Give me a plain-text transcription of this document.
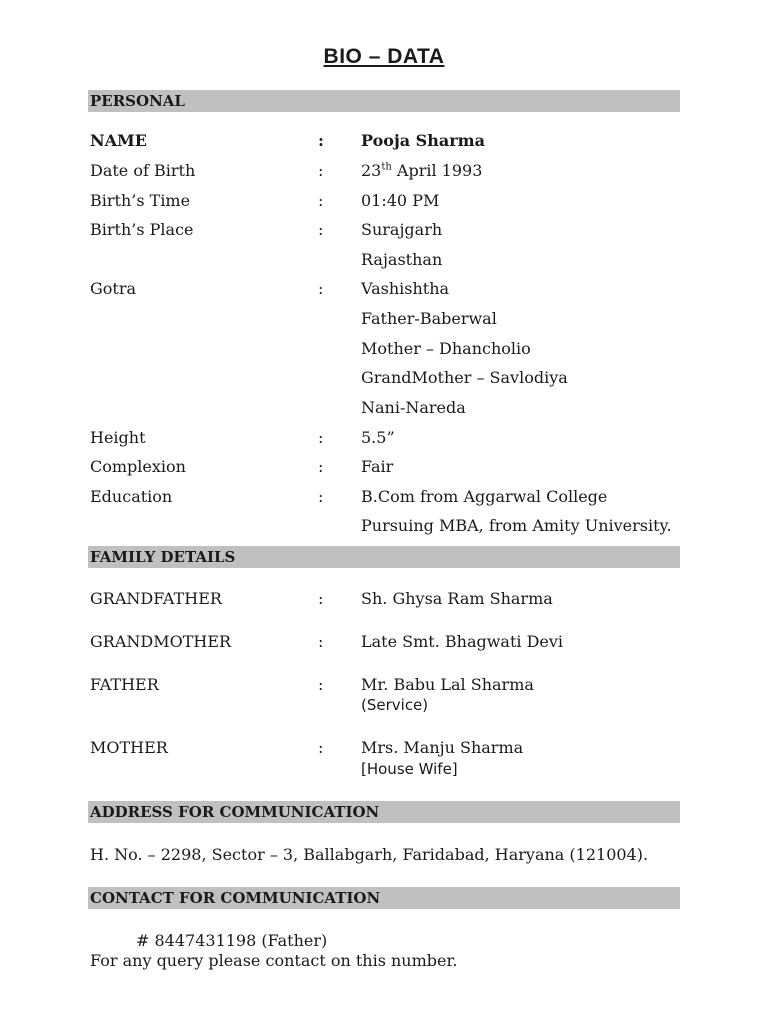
BIO – DATA
PERSONAL
NAME	: Pooja Sharma
Date of Birth	: 23th April 1993
Birth’s Time	: 01:40 PM
Birth’s Place	: Surajgarh
Rajasthan
Gotra	: Vashishtha
Father-Baberwal
Mother – Dhancholio
GrandMother – Savlodiya
Nani-Nareda
Height	: 5.5”
Complexion	: Fair
Education	: B.Com from Aggarwal College
Pursuing MBA, from Amity University.
FAMILY DETAILS
GRANDFATHER	: Sh. Ghysa Ram Sharma
GRANDMOTHER	: Late Smt. Bhagwati Devi
FATHER	: Mr. Babu Lal Sharma
(Service)
MOTHER	: Mrs. Manju Sharma
[House Wife]
ADDRESS FOR COMMUNICATION
H. No. – 2298, Sector – 3, Ballabgarh, Faridabad, Haryana (121004).
CONTACT FOR COMMUNICATION
# 8447431198 (Father)
For any query please contact on this number.
